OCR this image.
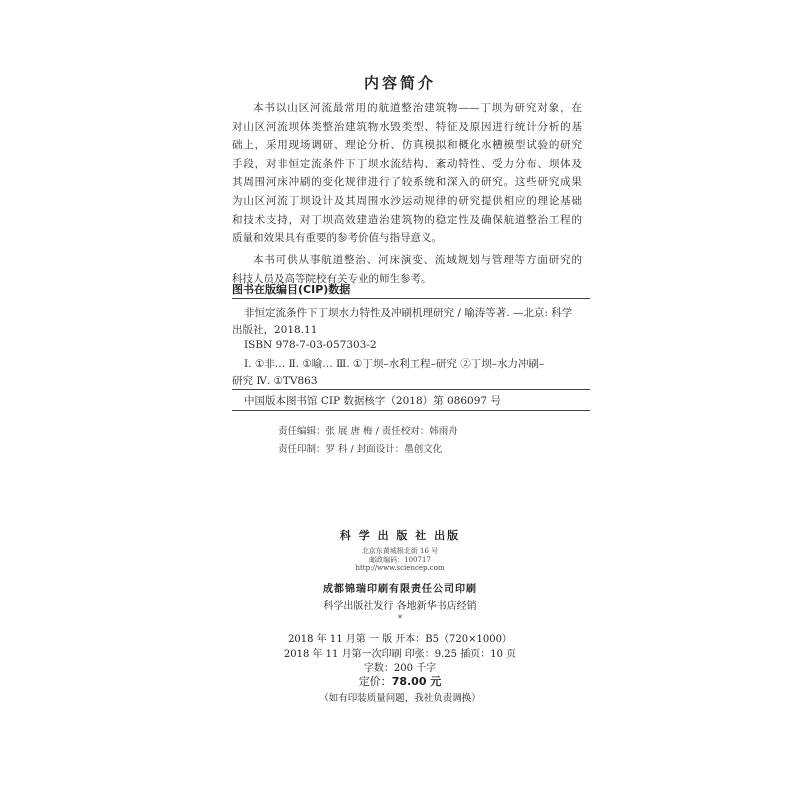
内容简介
本书以山区河流最常用的航道整治建筑物——丁坝为研究对象，在
对山区河流坝体类整治建筑物水毁类型、特征及原因进行统计分析的基
础上，采用现场调研、理论分析、仿真模拟和概化水槽模型试验的研究
手段，对非恒定流条件下丁坝水流结构、紊动特性、受力分布、坝体及
其周围河床冲刷的变化规律进行了较系统和深入的研究。这些研究成果
为山区河流丁坝设计及其周围水沙运动规律的研究提供相应的理论基础
和技术支持，对丁坝高效建造治建筑物的稳定性及确保航道整治工程的
质量和效果具有重要的参考价值与指导意义。
本书可供从事航道整治、河床演变、流域规划与管理等方面研究的
科技人员及高等院校有关专业的师生参考。
图书在版编目(CIP)数据
非恒定流条件下丁坝水力特性及冲刷机理研究 / 喻涛等著. —北京: 科学
出版社，2018.11
ISBN 978-7-03-057303-2
Ⅰ. ①非… Ⅱ. ①喻… Ⅲ. ①丁坝–水利工程–研究 ②丁坝–水力冲刷–
研究 Ⅳ. ①TV863
中国版本图书馆 CIP 数据核字（2018）第 086097 号
责任编辑：张 展 唐 梅 / 责任校对：韩雨舟
责任印制：罗 科 / 封面设计：墨创文化
科 学 出 版 社 出版
北京东黄城根北街 16 号
邮政编码：100717
http://www.sciencep.com
成都锦瑞印刷有限责任公司印刷
科学出版社发行 各地新华书店经销
*
2018 年 11 月第 一 版 开本：B5（720×1000）
2018 年 11 月第一次印刷 印张：9.25 插页：10 页
字数：200 千字
定价：78.00 元
（如有印装质量问题，我社负责调换）
